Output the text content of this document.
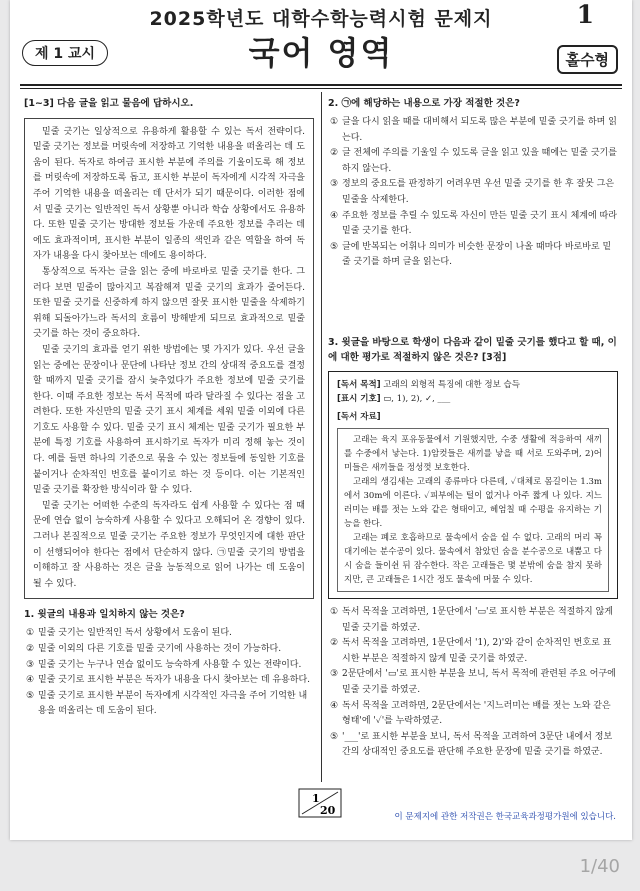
2025학년도 대학수학능력시험 문제지	1
제 1 교시	국어 영역	홀수형
[1~3] 다음 글을 읽고 물음에 답하시오.

밑줄 긋기는 일상적으로 유용하게 활용할 수 있는 독서 전략이다. 밑줄 긋기는 정보를 머릿속에 저장하고 기억한 내용을 떠올리는 데 도움이 된다. 독자로 하여금 표시한 부분에 주의를 기울이도록 해 정보를 머릿속에 저장하도록 돕고, 표시한 부분이 독자에게 시각적 자극을 주어 기억한 내용을 떠올리는 데 단서가 되기 때문이다. 이러한 점에서 밑줄 긋기는 일반적인 독서 상황뿐 아니라 학습 상황에서도 유용하다. 또한 밑줄 긋기는 방대한 정보들 가운데 주요한 정보를 추리는 데에도 효과적이며, 표시한 부분이 일종의 색인과 같은 역할을 하여 독자가 내용을 다시 찾아보는 데에도 용이하다.

통상적으로 독자는 글을 읽는 중에 바로바로 밑줄 긋기를 한다. 그러다 보면 밑줄이 많아지고 복잡해져 밑줄 긋기의 효과가 줄어든다. 또한 밑줄 긋기를 신중하게 하지 않으면 잘못 표시한 밑줄을 삭제하기 위해 되돌아가느라 독서의 흐름이 방해받게 되므로 효과적으로 밑줄 긋기를 하는 것이 중요하다.

밑줄 긋기의 효과를 얻기 위한 방법에는 몇 가지가 있다. 우선 글을 읽는 중에는 문장이나 문단에 나타난 정보 간의 상대적 중요도를 결정할 때까지 밑줄 긋기를 잠시 늦추었다가 주요한 정보에 밑줄 긋기를 한다. 이때 주요한 정보는 독서 목적에 따라 달라질 수 있다는 점을 고려한다. 또한 자신만의 밑줄 긋기 표시 체계를 세워 밑줄 이외에 다른 기호도 사용할 수 있다. 밑줄 긋기 표시 체계는 밑줄 긋기가 필요한 부분에 특정 기호를 사용하여 표시하기로 독자가 미리 정해 놓는 것이다. 예를 들면 하나의 기준으로 묶을 수 있는 정보들에 동일한 기호를 붙이거나 순차적인 번호를 붙이기로 하는 것 등이다. 이는 기본적인 밑줄 긋기를 확장한 방식이라 할 수 있다.

밑줄 긋기는 어떠한 수준의 독자라도 쉽게 사용할 수 있다는 점 때문에 연습 없이 능숙하게 사용할 수 있다고 오해되어 온 경향이 있다. 그러나 본질적으로 밑줄 긋기는 주요한 정보가 무엇인지에 대한 판단이 선행되어야 한다는 점에서 단순하지 않다. ㉠밑줄 긋기의 방법을 이해하고 잘 사용하는 것은 글을 능동적으로 읽어 나가는 데 도움이 될 수 있다.

1. 윗글의 내용과 일치하지 않는 것은?

① 밑줄 긋기는 일반적인 독서 상황에서 도움이 된다.

② 밑줄 이외의 다른 기호를 밑줄 긋기에 사용하는 것이 가능하다.

③ 밑줄 긋기는 누구나 연습 없이도 능숙하게 사용할 수 있는 전략이다.

④ 밑줄 긋기로 표시한 부분은 독자가 내용을 다시 찾아보는 데 유용하다.

⑤ 밑줄 긋기로 표시한 부분이 독자에게 시각적인 자극을 주어 기억한 내용을 떠올리는 데 도움이 된다.

2. ㉠에 해당하는 내용으로 가장 적절한 것은?

① 글을 다시 읽을 때를 대비해서 되도록 많은 부분에 밑줄 긋기를 하며 읽는다.

② 글 전체에 주의를 기울일 수 있도록 글을 읽고 있을 때에는 밑줄 긋기를 하지 않는다.

③ 정보의 중요도를 판정하기 어려우면 우선 밑줄 긋기를 한 후 잘못 그은 밑줄을 삭제한다.

④ 주요한 정보를 추릴 수 있도록 자신이 만든 밑줄 긋기 표시 체계에 따라 밑줄 긋기를 한다.

⑤ 글에 반복되는 어휘나 의미가 비슷한 문장이 나올 때마다 바로바로 밑줄 긋기를 하며 글을 읽는다.

3. 윗글을 바탕으로 학생이 다음과 같이 밑줄 긋기를 했다고 할 때, 이에 대한 평가로 적절하지 않은 것은? [3점]
[독서 목적] 고래의 외형적 특징에 대한 정보 습득
[표시 기호] ▭, 1), 2), ✓, ___
[독서 자료]

고래는 육지 포유동물에서 기원했지만, 수중 생활에 적응하여 새끼를 수중에서 낳는다. 1)암컷들은 새끼를 낳을 때 서로 도와주며, 2)어미들은 새끼들을 정성껏 보호한다.

고래의 생김새는 고래의 종류마다 다른데, ✓대체로 몸길이는 1.3m에서 30m에 이른다. ✓피부에는 털이 없거나 아주 짧게 나 있다. 지느러미는 배를 젓는 노와 같은 형태이고, 헤엄칠 때 수평을 유지하는 기능을 한다.

고래는 폐로 호흡하므로 물속에서 숨을 쉴 수 없다. 고래의 머리 꼭대기에는 분수공이 있다. 물속에서 참았던 숨을 분수공으로 내뿜고 다시 숨을 들이쉰 뒤 잠수한다. 작은 고래들은 몇 분밖에 숨을 참지 못하지만, 큰 고래들은 1시간 정도 물속에 머물 수 있다.

① 독서 목적을 고려하면, 1문단에서 '▭'로 표시한 부분은 적절하지 않게 밑줄 긋기를 하였군.

② 독서 목적을 고려하면, 1문단에서 '1), 2)'와 같이 순차적인 번호로 표시한 부분은 적절하지 않게 밑줄 긋기를 하였군.

③ 2문단에서 '▭'로 표시한 부분을 보니, 독서 목적에 관련된 주요 어구에 밑줄 긋기를 하였군.

④ 독서 목적을 고려하면, 2문단에서는 '지느러미는 배를 젓는 노와 같은 형태'에 '✓'를 누락하였군.

⑤ '___'로 표시한 부분을 보니, 독서 목적을 고려하여 3문단 내에서 정보 간의 상대적인 중요도를 판단해 주요한 문장에 밑줄 긋기를 하였군.

1
20	이 문제지에 관한 저작권은 한국교육과정평가원에 있습니다.
1/40
